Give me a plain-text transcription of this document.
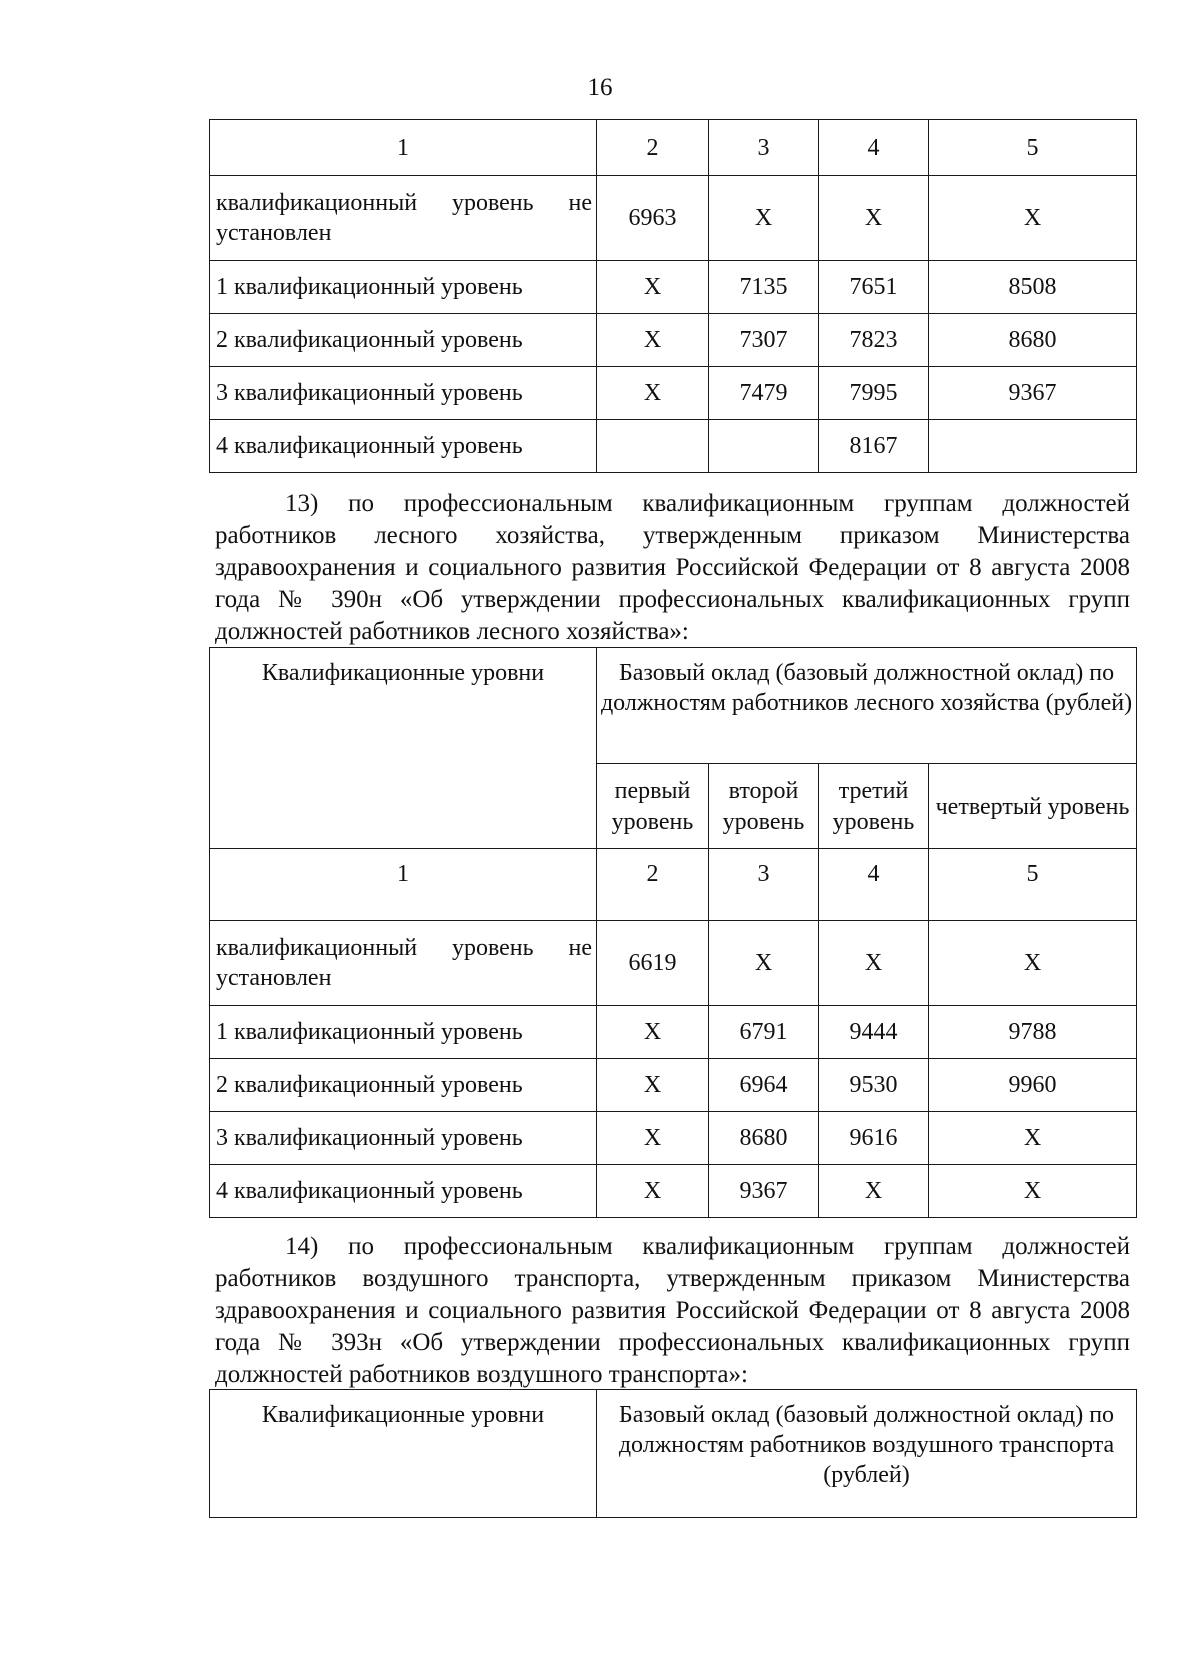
16
1	2	3	4	5
квалификационный уровень не установлен	6963	X	X	X
1 квалификационный уровень	X	7135	7651	8508
2 квалификационный уровень	X	7307	7823	8680
3 квалификационный уровень	X	7479	7995	9367
4 квалификационный уровень			8167	
13) по профессиональным квалификационным группам должностей работников лесного хозяйства, утвержденным приказом Министерства здравоохранения и социального развития Российской Федерации от 8 августа 2008 года № 390н «Об утверждении профессиональных квалификационных групп должностей работников лесного хозяйства»:
Квалификационные уровни	Базовый оклад (базовый должностной оклад) по должностям работников лесного хозяйства (рублей)			
	первый уровень	второй уровень	третий уровень	четвертый уровень
1	2	3	4	5
квалификационный уровень не установлен	6619	X	X	X
1 квалификационный уровень	X	6791	9444	9788
2 квалификационный уровень	X	6964	9530	9960
3 квалификационный уровень	X	8680	9616	X
4 квалификационный уровень	X	9367	X	X
14) по профессиональным квалификационным группам должностей работников воздушного транспорта, утвержденным приказом Министерства здравоохранения и социального развития Российской Федерации от 8 августа 2008 года № 393н «Об утверждении профессиональных квалификационных групп должностей работников воздушного транспорта»:
Квалификационные уровни	Базовый оклад (базовый должностной оклад) по должностям работников воздушного транспорта (рублей)
